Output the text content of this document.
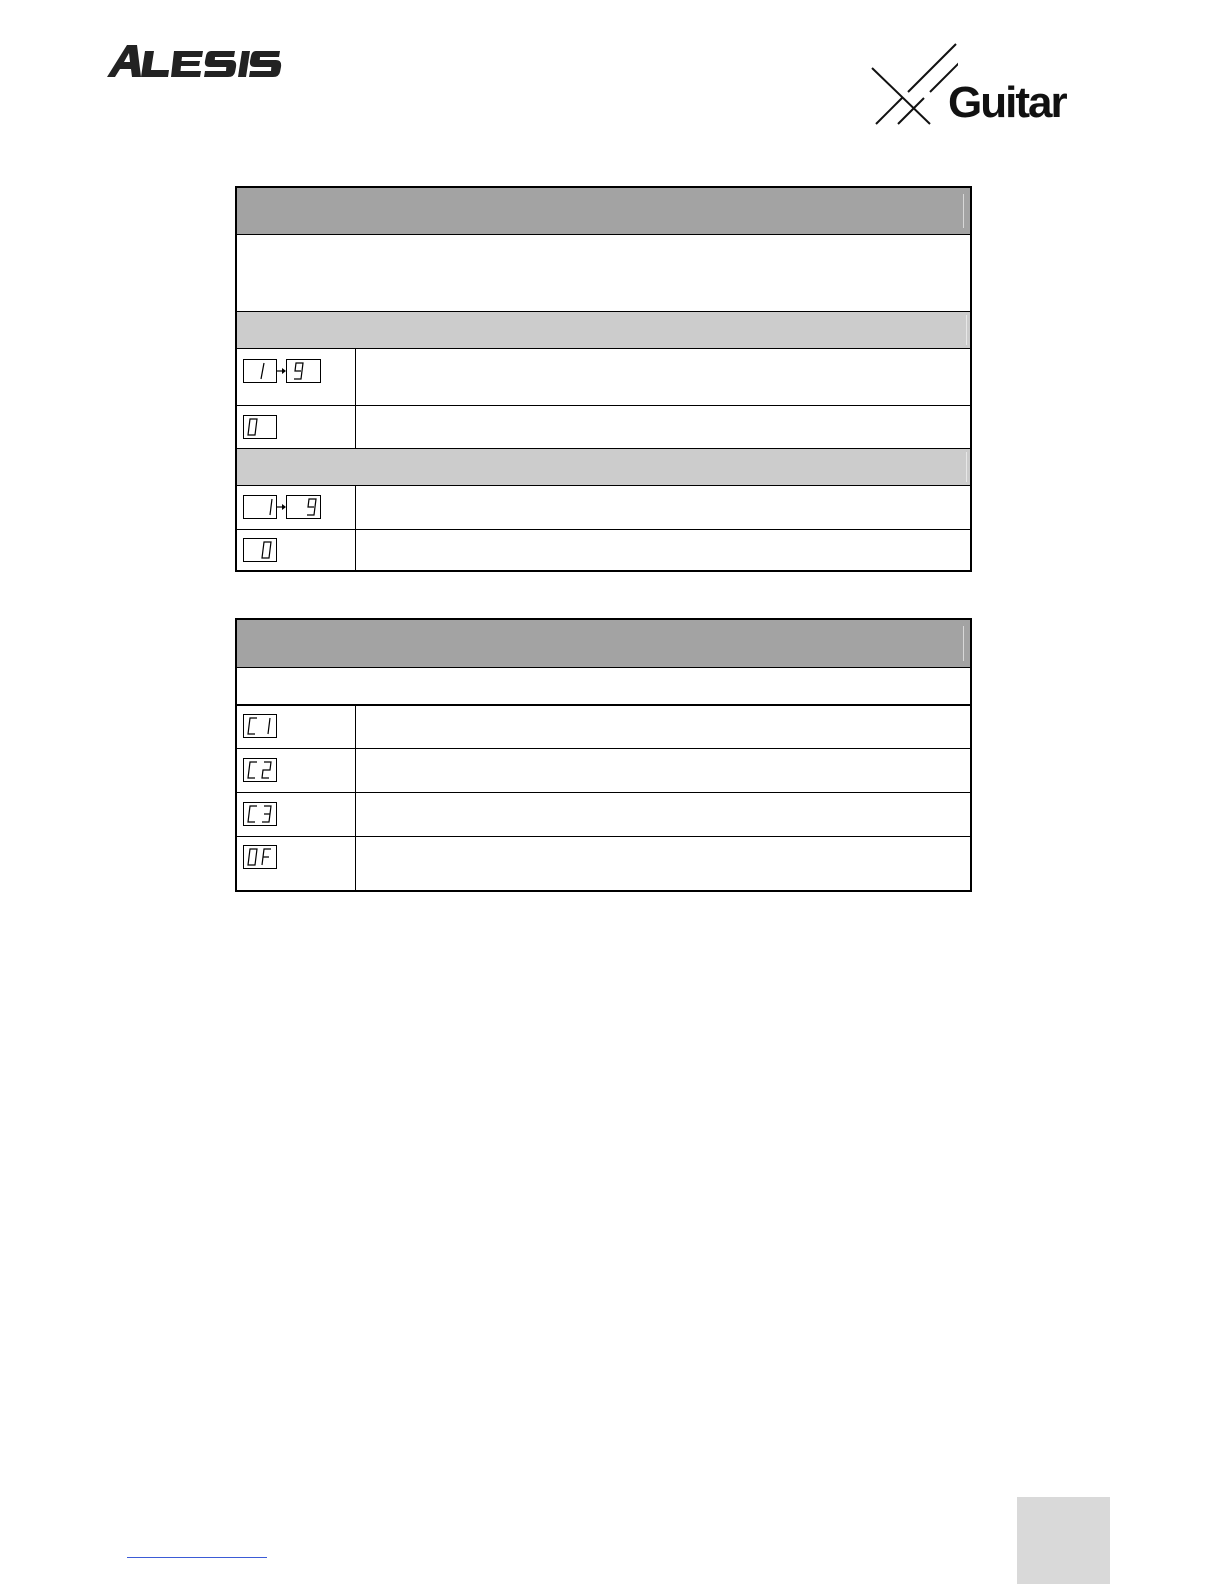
Guitar
